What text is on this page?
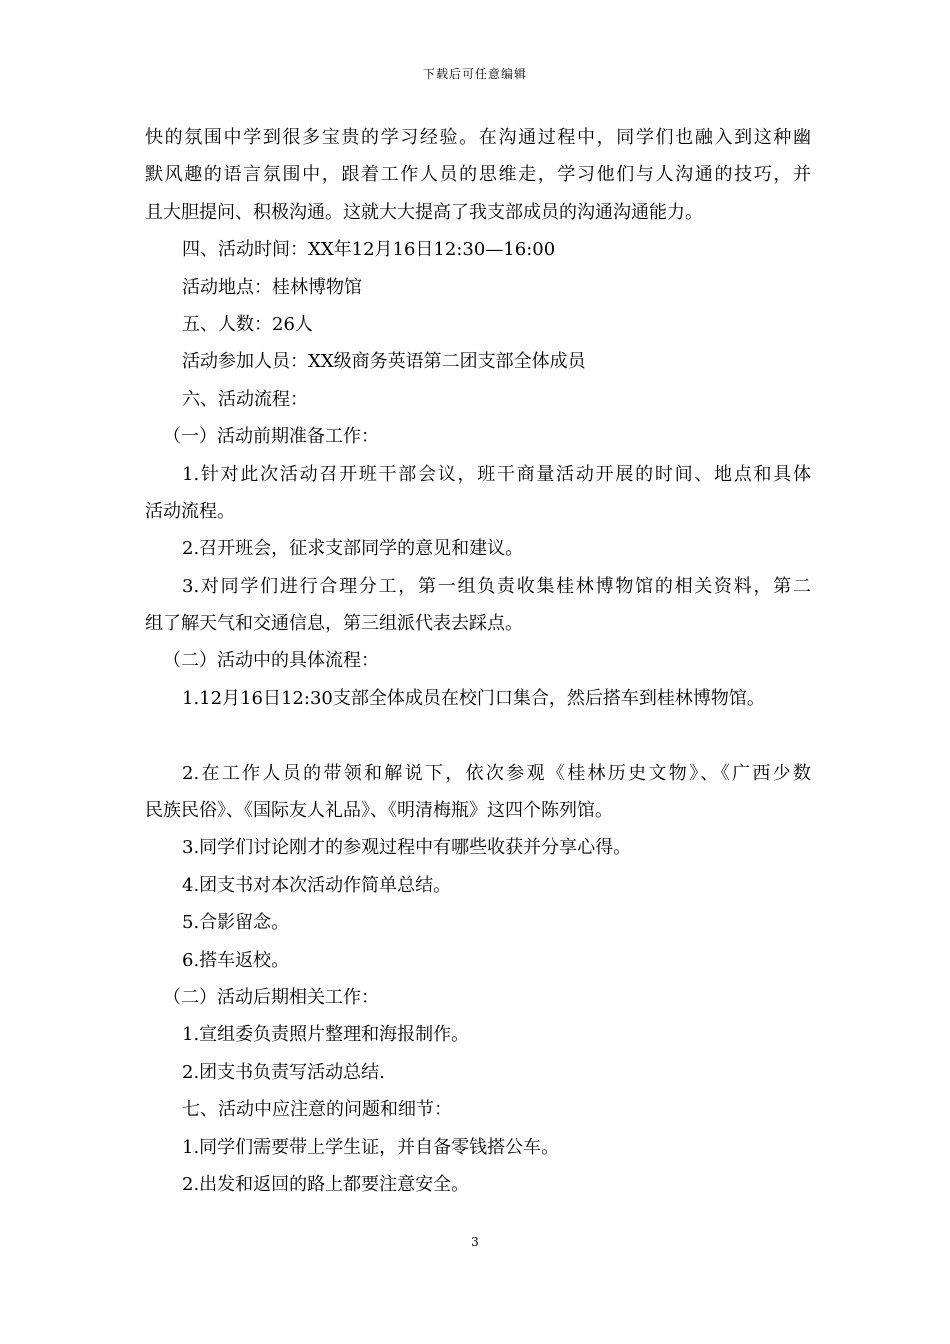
下载后可任意编辑
快的氛围中学到很多宝贵的学习经验。在沟通过程中，同学们也融入到这种幽
默风趣的语言氛围中，跟着工作人员的思维走，学习他们与人沟通的技巧，并
且大胆提问、积极沟通。这就大大提高了我支部成员的沟通沟通能力。
四、活动时间：XX年12月16日12:30—16:00
活动地点：桂林博物馆
五、人数：26人
活动参加人员：XX级商务英语第二团支部全体成员
六、活动流程：
（一）活动前期准备工作：
1.针对此次活动召开班干部会议，班干商量活动开展的时间、地点和具体
活动流程。
2.召开班会，征求支部同学的意见和建议。
3.对同学们进行合理分工，第一组负责收集桂林博物馆的相关资料，第二
组了解天气和交通信息，第三组派代表去踩点。
（二）活动中的具体流程：
1.12月16日12:30支部全体成员在校门口集合，然后搭车到桂林博物馆。
2.在工作人员的带领和解说下，依次参观《桂林历史文物》、《广西少数
民族民俗》、《国际友人礼品》、《明清梅瓶》这四个陈列馆。
3.同学们讨论刚才的参观过程中有哪些收获并分享心得。
4.团支书对本次活动作简单总结。
5.合影留念。
6.搭车返校。
（二）活动后期相关工作：
1.宣组委负责照片整理和海报制作。
2.团支书负责写活动总结.
七、活动中应注意的问题和细节：
1.同学们需要带上学生证，并自备零钱搭公车。
2.出发和返回的路上都要注意安全。
3
